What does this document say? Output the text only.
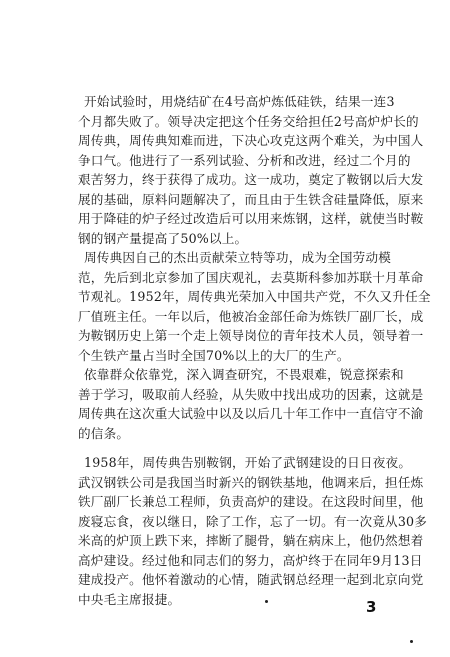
开始试验时，用烧结矿在4号高炉炼低硅铁，结果一连3
个月都失败了。领导决定把这个任务交给担任2号高炉炉长的
周传典，周传典知难而进，下决心攻克这两个难关，为中国人
争口气。他进行了一系列试验、分析和改进，经过二个月的
艰苦努力，终于获得了成功。这一成功，奠定了鞍钢以后大发
展的基础，原料问题解决了，而且由于生铁含硅量降低，原来
用于降硅的炉子经过改造后可以用来炼钢，这样，就使当时鞍
钢的钢产量提高了50%以上。
周传典因自己的杰出贡献荣立特等功，成为全国劳动模
范，先后到北京参加了国庆观礼，去莫斯科参加苏联十月革命
节观礼。1952年，周传典光荣加入中国共产党，不久又升任全
厂值班主任。一年以后，他被冶金部任命为炼铁厂副厂长，成
为鞍钢历史上第一个走上领导岗位的青年技术人员，领导着一
个生铁产量占当时全国70%以上的大厂的生产。
依靠群众依靠党，深入调查研究，不畏艰难，锐意探索和
善于学习，吸取前人经验，从失败中找出成功的因素，这就是
周传典在这次重大试验中以及以后几十年工作中一直信守不渝
的信条。
1958年，周传典告别鞍钢，开始了武钢建设的日日夜夜。
武汉钢铁公司是我国当时新兴的钢铁基地，他调来后，担任炼
铁厂副厂长兼总工程师，负责高炉的建设。在这段时间里，他
废寝忘食，夜以继日，除了工作，忘了一切。有一次竟从30多
米高的炉顶上跌下来，摔断了腿骨，躺在病床上，他仍然想着
高炉建设。经过他和同志们的努力，高炉终于在同年9月13日
建成投产。他怀着激动的心情，随武钢总经理一起到北京向党
中央毛主席报捷。	3
